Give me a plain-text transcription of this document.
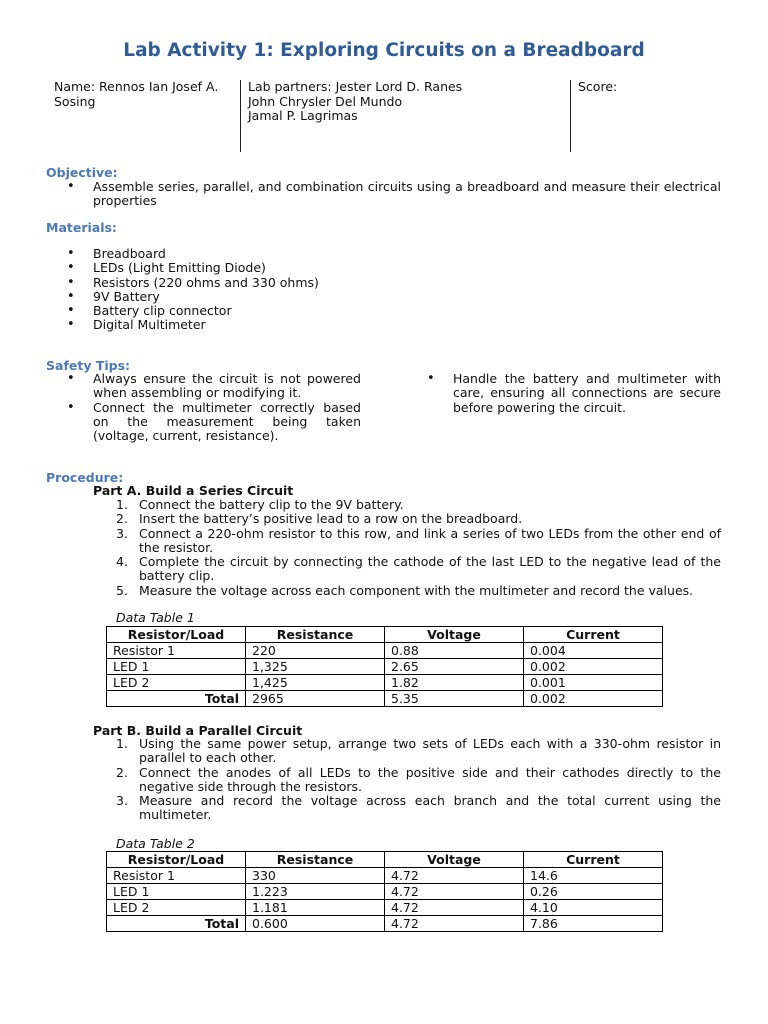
Lab Activity 1: Exploring Circuits on a Breadboard
Name: Rennos Ian Josef A.
Sosing
Lab partners: Jester Lord D. Ranes
John Chrysler Del Mundo
Jamal P. Lagrimas
Score:
Objective:
• Assemble series, parallel, and combination circuits using a breadboard and measure their electrical properties
Materials:
• Breadboard
• LEDs (Light Emitting Diode)
• Resistors (220 ohms and 330 ohms)
• 9V Battery
• Battery clip connector
• Digital Multimeter
Safety Tips:
• Always ensure the circuit is not powered when assembling or modifying it.
• Connect the multimeter correctly based on the measurement being taken (voltage, current, resistance).
• Handle the battery and multimeter with care, ensuring all connections are secure before powering the circuit.
Procedure:
Part A. Build a Series Circuit
1. Connect the battery clip to the 9V battery.
2. Insert the battery’s positive lead to a row on the breadboard.
3. Connect a 220-ohm resistor to this row, and link a series of two LEDs from the other end of the resistor.
4. Complete the circuit by connecting the cathode of the last LED to the negative lead of the battery clip.
5. Measure the voltage across each component with the multimeter and record the values.
Data Table 1
Resistor/Load	Resistance	Voltage	Current
Resistor 1	220	0.88	0.004
LED 1	1,325	2.65	0.002
LED 2	1,425	1.82	0.001
Total	2965	5.35	0.002
Part B. Build a Parallel Circuit
1. Using the same power setup, arrange two sets of LEDs each with a 330-ohm resistor in parallel to each other.
2. Connect the anodes of all LEDs to the positive side and their cathodes directly to the negative side through the resistors.
3. Measure and record the voltage across each branch and the total current using the multimeter.
Data Table 2
Resistor/Load	Resistance	Voltage	Current
Resistor 1	330	4.72	14.6
LED 1	1.223	4.72	0.26
LED 2	1.181	4.72	4.10
Total	0.600	4.72	7.86
